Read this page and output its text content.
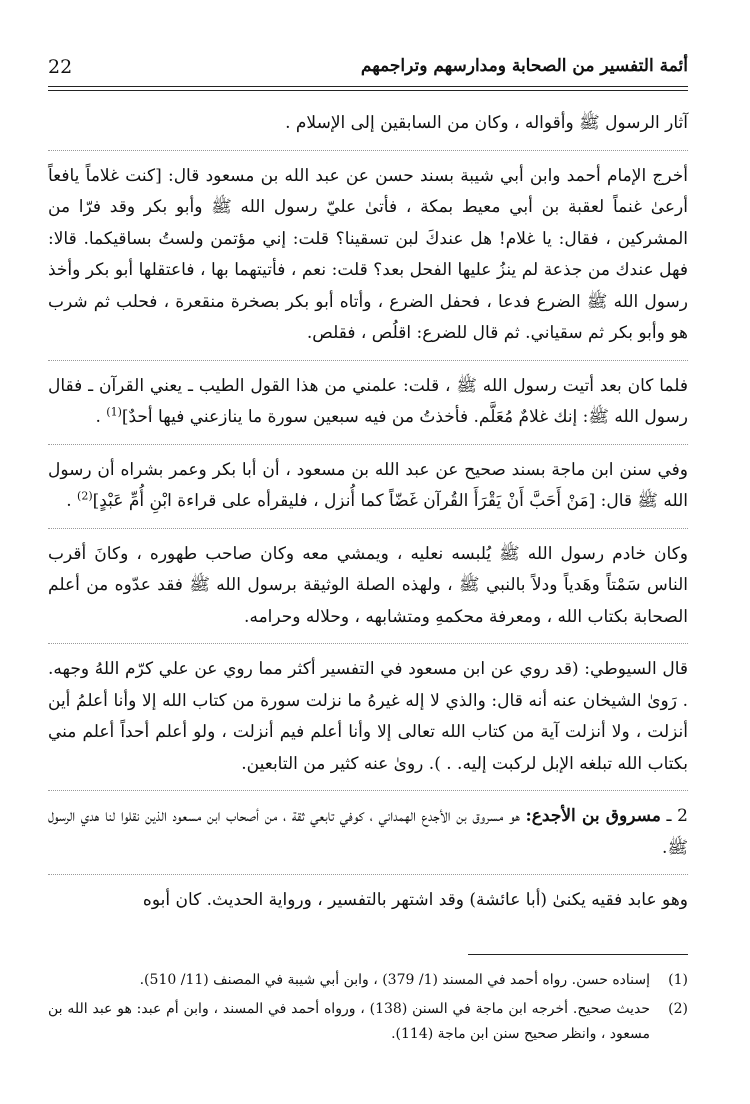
22	أئمة التفسير من الصحابة ومدارسهم وتراجمهم

آثار الرسول ﷺ وأقواله ، وكان من السابقين إلى الإسلام .

أخرج الإمام أحمد وابن أبي شيبة بسند حسن عن عبد الله بن مسعود قال: [كنت غلاماً يافعاً أرعىٰ غنماً لعقبة بن أبي معيط بمكة ، فأتىٰ عليّ رسول الله ﷺ وأبو بكر وقد فرّا من المشركين ، فقال: يا غلام! هل عندكَ لبن تسقينا؟ قلت: إني مؤتمن ولستُ بساقيكما. قالا: فهل عندك من جذعة لم ينزُ عليها الفحل بعد؟ قلت: نعم ، فأتيتهما بها ، فاعتقلها أبو بكر وأخذ رسول الله ﷺ الضرع فدعا ، فحفل الضرع ، وأتاه أبو بكر بصخرة منقعرة ، فحلب ثم شرب هو وأبو بكر ثم سقياني. ثم قال للضرع: اقلُص ، فقلص.

فلما كان بعد أتيت رسول الله ﷺ ، قلت: علمني من هذا القول الطيب ـ يعني القرآن ـ فقال رسول الله ﷺ: إنك غلامٌ مُعَلَّم. فأخذتُ من فيه سبعين سورة ما ينازعني فيها أحدٌ]$^{(1)}$ .

وفي سنن ابن ماجة بسند صحيح عن عبد الله بن مسعود ، أن أبا بكر وعمر بشراه أن رسول الله ﷺ قال: [مَنْ أَحَبَّ أَنْ يَقْرَأَ القُرآن غَضّاً كما أُنزل ، فليقرأه على قراءة ابْنِ أُمِّ عَبْدٍ]$^{(2)}$ .

وكان خادم رسول الله ﷺ يُلبسه نعليه ، ويمشي معه وكان صاحب طهوره ، وكانَ أقرب الناس سَمْتاً وهَدياً ودلاً بالنبي ﷺ ، ولهذه الصلة الوثيقة برسول الله ﷺ فقد عدّوه من أعلم الصحابة بكتاب الله ، ومعرفة محكمهِ ومتشابهه ، وحلاله وحرامه.

قال السيوطي: (قد روي عن ابن مسعود في التفسير أكثر مما روي عن علي كرّم اللهُ وجهه. . رَوىٰ الشيخان عنه أنه قال: والذي لا إله غيرهُ ما نزلت سورة من كتاب الله إلا وأنا أعلمُ أين أنزلت ، ولا أنزلت آية من كتاب الله تعالى إلا وأنا أعلم فيم أنزلت ، ولو أعلم أحداً أعلم مني بكتاب الله تبلغه الإبل لركبت إليه. . ). روىٰ عنه كثير من التابعين.

2 ـ مسروق بن الأجدع: هو مسروق بن الأجدع الهمداني ، كوفي تابعي ثقة ، من أصحاب ابن مسعود الذين نقلوا لنا هدي الرسول ﷺ.

وهو عابد فقيه يكنىٰ (أبا عائشة) وقد اشتهر بالتفسير ، ورواية الحديث. كان أبوه

(1)
إسناده حسن. رواه أحمد في المسند (1/ 379) ، وابن أبي شيبة في المصنف (11/ 510).
(2)
حديث صحيح. أخرجه ابن ماجة في السنن (138) ، ورواه أحمد في المسند ، وابن أم عبد: هو عبد الله بن مسعود ، وانظر صحيح سنن ابن ماجة (114).
